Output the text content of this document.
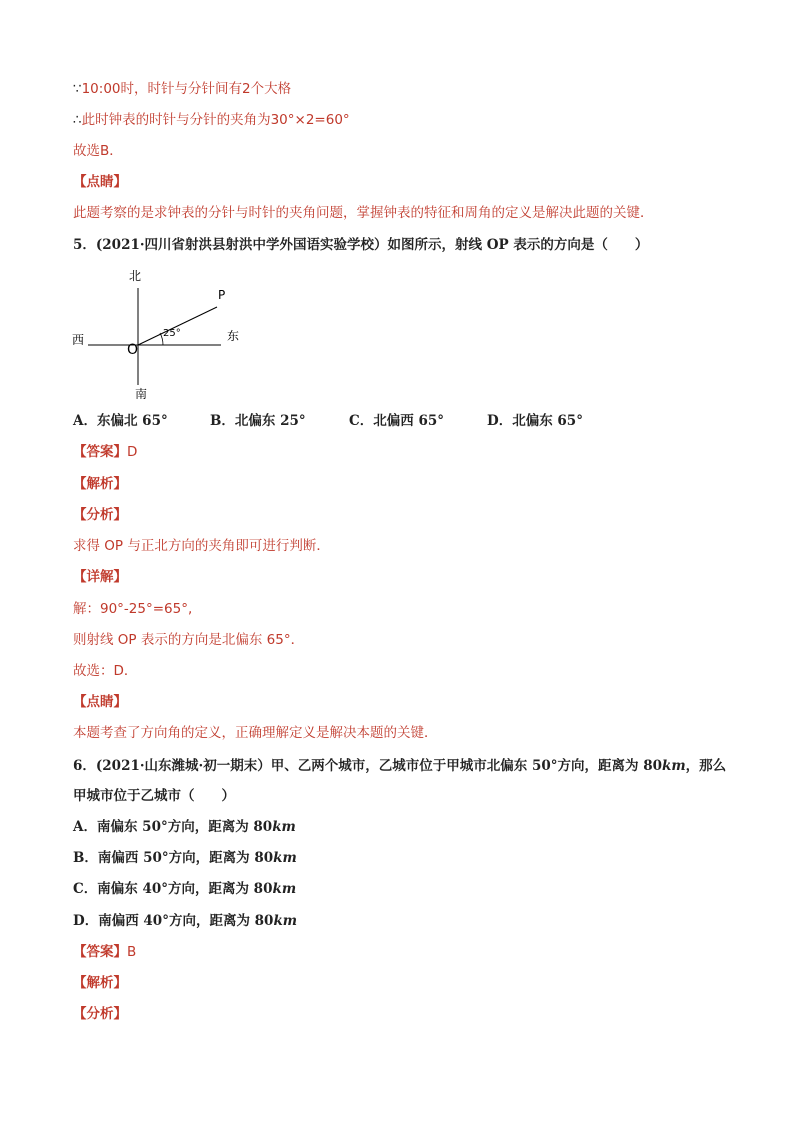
∵10:00时，时针与分针间有2个大格
∴此时钟表的时针与分针的夹角为30°×2=60°
故选B．
【点睛】
此题考察的是求钟表的分针与时针的夹角问题，掌握钟表的特征和周角的定义是解决此题的关键．
5．(2021·四川省射洪县射洪中学外国语实验学校）如图所示，射线 OP 表示的方向是（　　）
北
南
西	东
O
P
25°
A．东偏北 65°	B．北偏东 25°	C．北偏西 65°	D．北偏东 65°
【答案】D
【解析】
【分析】
求得 OP 与正北方向的夹角即可进行判断．
【详解】
解：90°-25°=65°,
则射线 OP 表示的方向是北偏东 65°．
故选：D．
【点睛】
本题考查了方向角的定义，正确理解定义是解决本题的关键．
6．(2021·山东潍城·初一期末）甲、乙两个城市，乙城市位于甲城市北偏东 50°方向，距离为 80km，那么
甲城市位于乙城市（　　）
A．南偏东 50°方向，距离为 80km
B．南偏西 50°方向，距离为 80km
C．南偏东 40°方向，距离为 80km
D．南偏西 40°方向，距离为 80km
【答案】B
【解析】
【分析】
